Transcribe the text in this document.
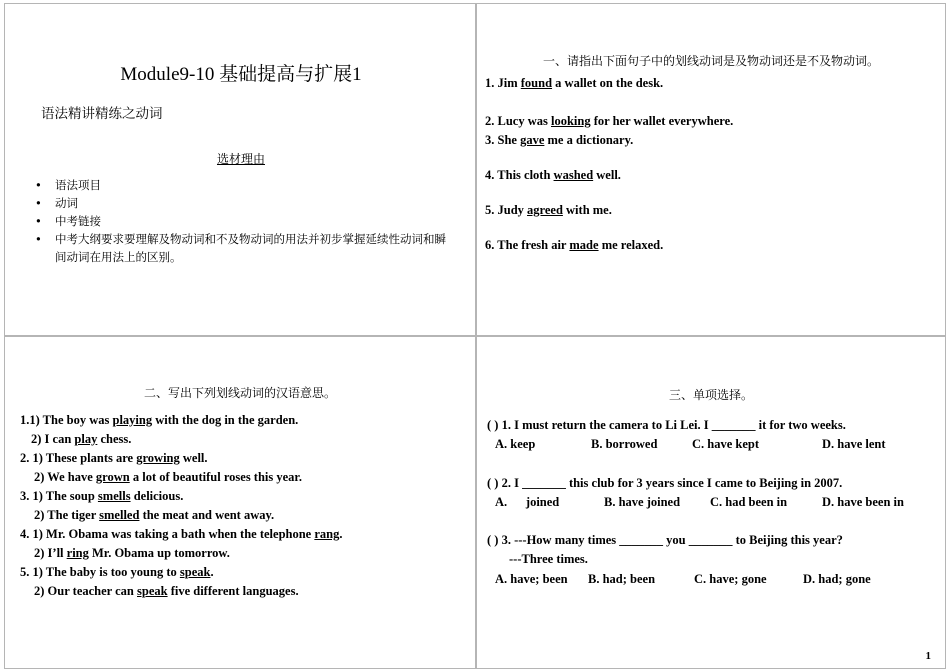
Module9-10 基础提高与扩展1
语法精讲精练之动词
选材理由
• 语法项目
• 动词
• 中考链接
• 中考大纲要求要理解及物动词和不及物动词的用法并初步掌握延续性动词和瞬间动词在用法上的区别。
一、请指出下面句子中的划线动词是及物动词还是不及物动词。
1. Jim found a wallet on the desk.
2. Lucy was looking for her wallet everywhere.
3. She gave me a dictionary.
4. This cloth washed well.
5. Judy agreed with me.
6. The fresh air made me relaxed.
二、写出下列划线动词的汉语意思。
1.1) The boy was playing with the dog in the garden.
2) I can play chess.
2. 1) These plants are growing well.
2) We have grown a lot of beautiful roses this year.
3. 1) The soup smells delicious.
2) The tiger smelled the meat and went away.
4. 1) Mr. Obama was taking a bath when the telephone rang.
2) I’ll ring Mr. Obama up tomorrow.
5. 1) The baby is too young to speak.
2) Our teacher can speak five different languages.
三、单项选择。
( ) 1. I must return the camera to Li Lei. I _______ it for two weeks.
A. keep	B. borrowed	C. have kept	D. have lent
( ) 2. I _______ this club for 3 years since I came to Beijing in 2007.
A.      joined	B. have joined C. had been in	D. have been in
( ) 3. ---How many times _______ you _______ to Beijing this year?
---Three times.
A. have; been B. had; been	C. have; gone	D. had; gone
1
